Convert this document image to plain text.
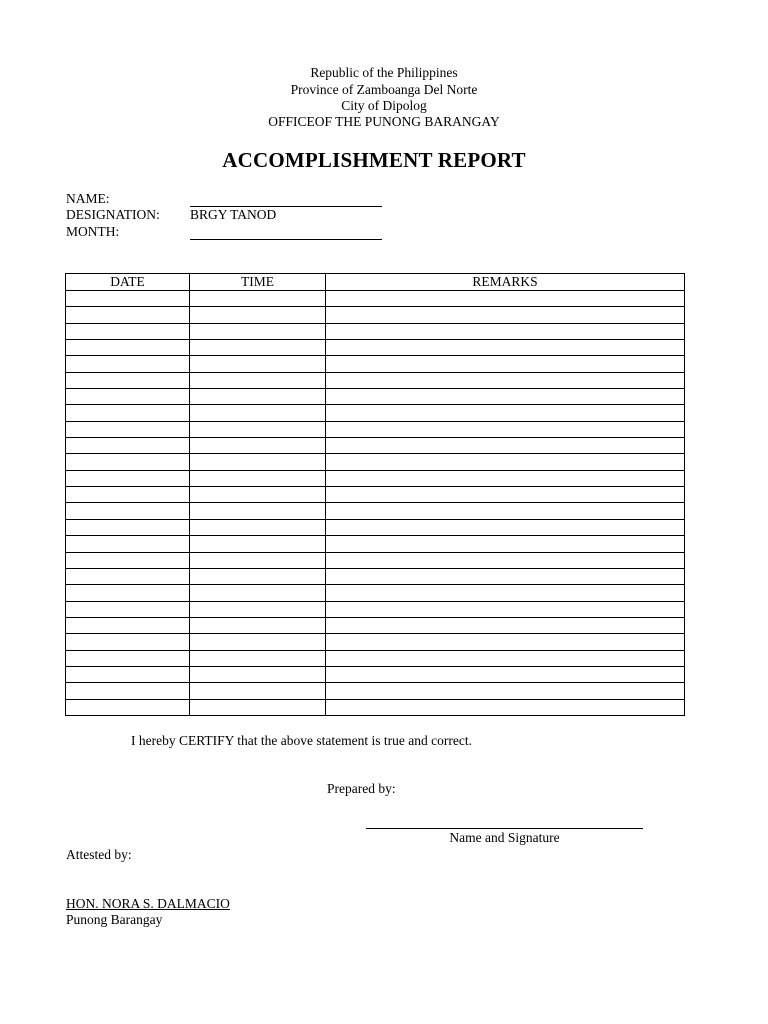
Republic of the Philippines
Province of Zamboanga Del Norte
City of Dipolog
OFFICEOF THE PUNONG BARANGAY
ACCOMPLISHMENT REPORT
NAME:
DESIGNATION: BRGY TANOD
MONTH:
DATE	TIME	REMARKS

I hereby CERTIFY that the above statement is true and correct.
Prepared by:
Name and Signature
Attested by:
HON. NORA S. DALMACIO
Punong Barangay
